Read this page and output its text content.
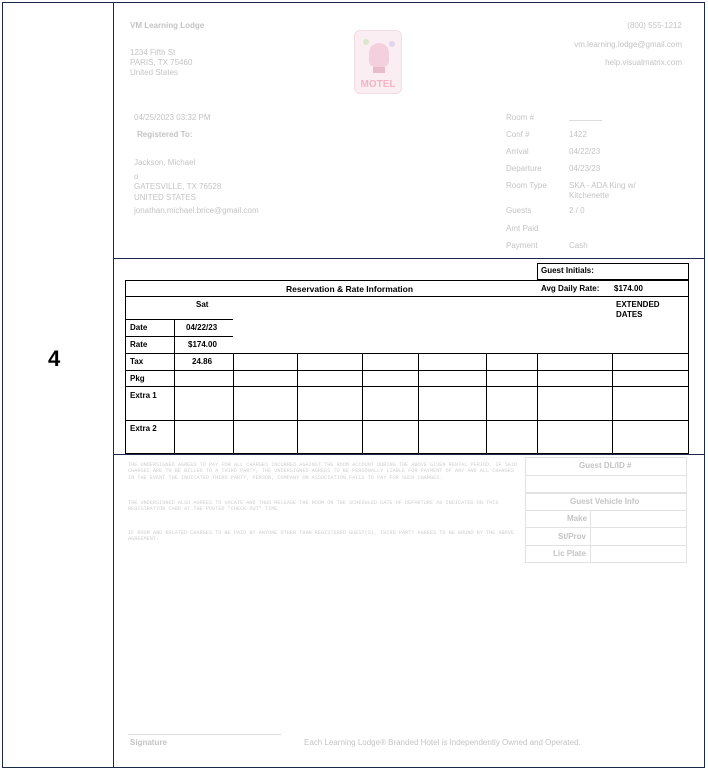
4
VM Learning Lodge
1234 Fifth St
PARIS, TX 75460
United States
MOTEL
(800) 555-1212
vm.learning.lodge@gmail.com
help.visualmatrix.com
04/25/2023 03:32 PM
Registered To:
Jackson, Michael
o
GATESVILLE, TX 76528
UNITED STATES
jonathan.michael.brice@gmail.com
Room #
Conf #	1422
Arrival	04/22/23
Departure	04/23/23
Room Type	SKA - ADA King w/ Kitchenette
Guests	2 / 0
Amt Paid
Payment	Cash
Guest Initials:
Reservation & Rate Information	Avg Daily Rate: $174.00
Sat	EXTENDED DATES
Date	04/22/23
Rate	$174.00
Tax	24.86
Pkg
Extra 1
Extra 2
THE UNDERSIGNED AGREES TO PAY FOR ALL CHARGES INCURRED AGAINST THE ROOM ACCOUNT DURING THE ABOVE GIVEN RENTAL PERIOD. IF SAID CHARGES ARE TO BE BILLED TO A THIRD PARTY, THE UNDERSIGNED AGREES TO BE PERSONALLY LIABLE FOR PAYMENT OF ANY AND ALL CHARGES IN THE EVENT THE INDICATED THIRD PARTY, PERSON, COMPANY OR ASSOCIATION FAILS TO PAY FOR SUCH CHARGES.
THE UNDERSIGNED ALSO AGREES TO VACATE AND THUS RELEASE THE ROOM ON THE SCHEDULED DATE OF DEPARTURE AS INDICATED ON THIS REGISTRATION CARD AT THE POSTED "CHECK-OUT" TIME.
IF ROOM AND RELATED CHARGES TO BE PAID BY ANYONE OTHER THAN REGISTERED GUEST(S), THIRD PARTY AGREES TO BE BOUND BY THE ABOVE AGREEMENT.
Guest DL/ID #
Guest Vehicle Info
Make
St/Prov
Lic Plate
Signature	Each Learning Lodge® Branded Hotel is Independently Owned and Operated.
